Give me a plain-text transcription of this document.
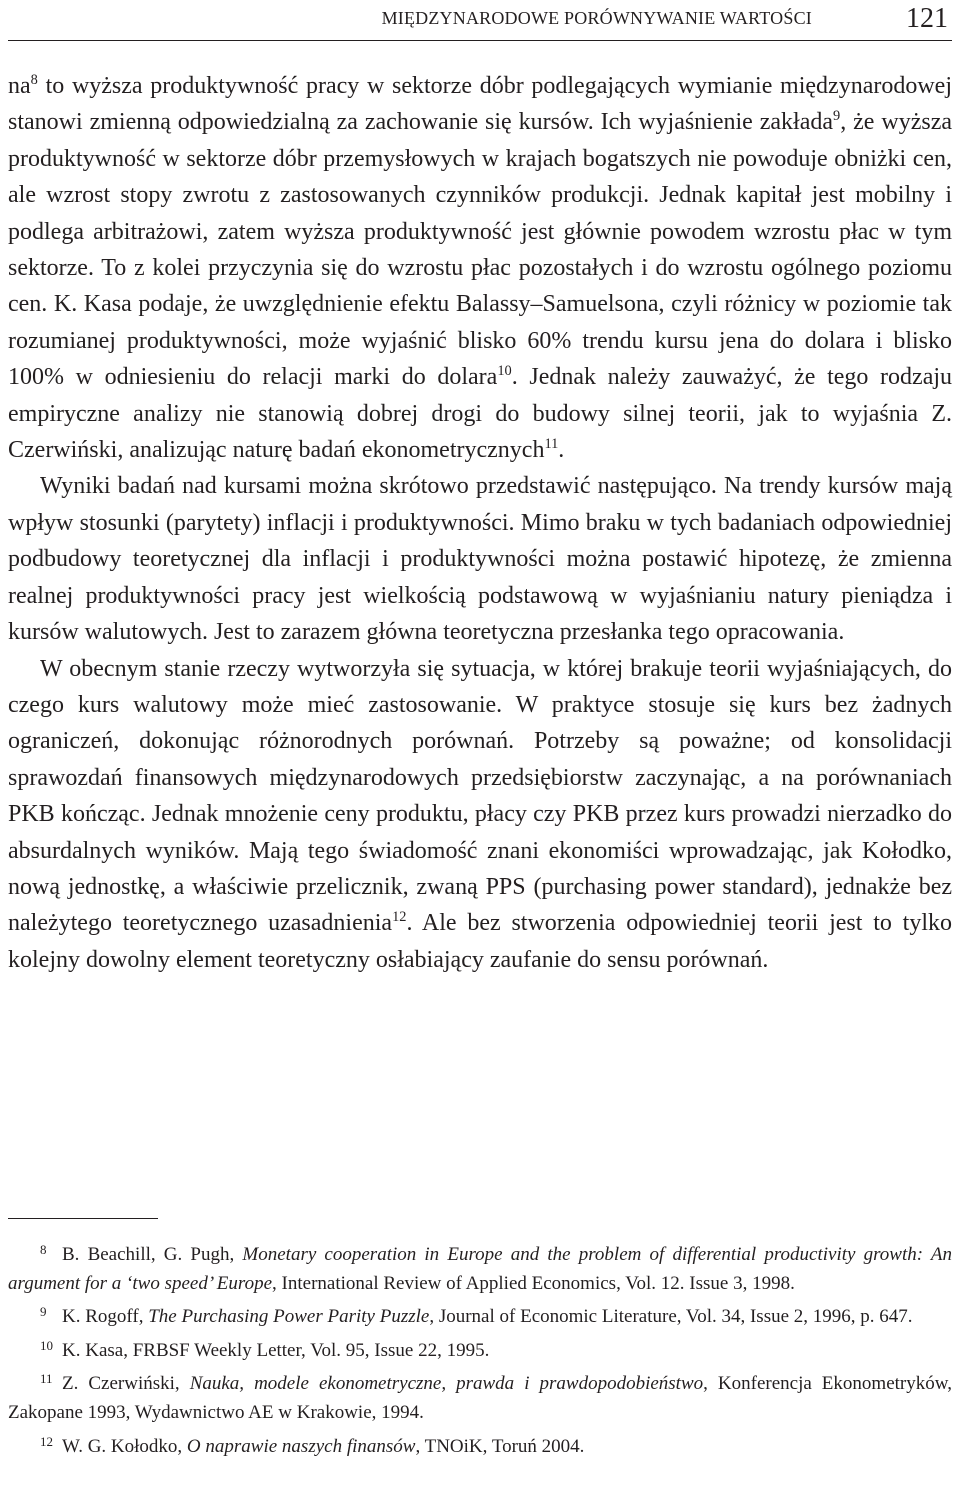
MIĘDZYNARODOWE PORÓWNYWANIE WARTOŚCI	121

$na^8$ to wyższa produktywność pracy w sektorze dóbr podlegających wymianie międzynarodowej stanowi zmienną odpowiedzialną za zachowanie się kursów. Ich wyjaśnienie zakłada$^9$, że wyższa produktywność w sektorze dóbr przemysłowych w krajach bogatszych nie powoduje obniżki cen, ale wzrost stopy zwrotu z zastosowanych czynników produkcji. Jednak kapitał jest mobilny i podlega arbitrażowi, zatem wyższa produktywność jest głównie powodem wzrostu płac w tym sektorze. To z kolei przyczynia się do wzrostu płac pozostałych i do wzrostu ogólnego poziomu cen. K. Kasa podaje, że uwzględnienie efektu Balassy–Samuelsona, czyli różnicy w poziomie tak rozumianej produktywności, może wyjaśnić blisko 60% trendu kursu jena do dolara i blisko 100% w odniesieniu do relacji marki do dolara$^{10}$. Jednak należy zauważyć, że tego rodzaju empiryczne analizy nie stanowią dobrej drogi do budowy silnej teorii, jak to wyjaśnia Z. Czerwiński, analizując naturę badań ekonometrycznych$^{11}$.

Wyniki badań nad kursami można skrótowo przedstawić następująco. Na trendy kursów mają wpływ stosunki (parytety) inflacji i produktywności. Mimo braku w tych badaniach odpowiedniej podbudowy teoretycznej dla inflacji i produktywności można postawić hipotezę, że zmienna realnej produktywności pracy jest wielkością podstawową w wyjaśnianiu natury pieniądza i kursów walutowych. Jest to zarazem główna teoretyczna przesłanka tego opracowania.

W obecnym stanie rzeczy wytworzyła się sytuacja, w której brakuje teorii wyjaśniających, do czego kurs walutowy może mieć zastosowanie. W praktyce stosuje się kurs bez żadnych ograniczeń, dokonując różnorodnych porównań. Potrzeby są poważne; od konsolidacji sprawozdań finansowych międzynarodowych przedsiębiorstw zaczynając, a na porównaniach PKB kończąc. Jednak mnożenie ceny produktu, płacy czy PKB przez kurs prowadzi nierzadko do absurdalnych wyników. Mają tego świadomość znani ekonomiści wprowadzając, jak Kołodko, nową jednostkę, a właściwie przelicznik, zwaną PPS (purchasing power standard), jednakże bez należytego teoretycznego uzasadnienia$^{12}$. Ale bez stworzenia odpowiedniej teorii jest to tylko kolejny dowolny element teoretyczny osłabiający zaufanie do sensu porównań.

8 B. Beachill, G. Pugh, Monetary cooperation in Europe and the problem of differential productivity growth: An argument for a ‘two speed’ Europe, International Review of Applied Economics, Vol. 12. Issue 3, 1998.

9 K. Rogoff, The Purchasing Power Parity Puzzle, Journal of Economic Literature, Vol. 34, Issue 2, 1996, p. 647.

10 K. Kasa, FRBSF Weekly Letter, Vol. 95, Issue 22, 1995.

11 Z. Czerwiński, Nauka, modele ekonometryczne, prawda i prawdopodobieństwo, Konferencja Ekonometryków, Zakopane 1993, Wydawnictwo AE w Krakowie, 1994.

12 W. G. Kołodko, O naprawie naszych finansów, TNOiK, Toruń 2004.
